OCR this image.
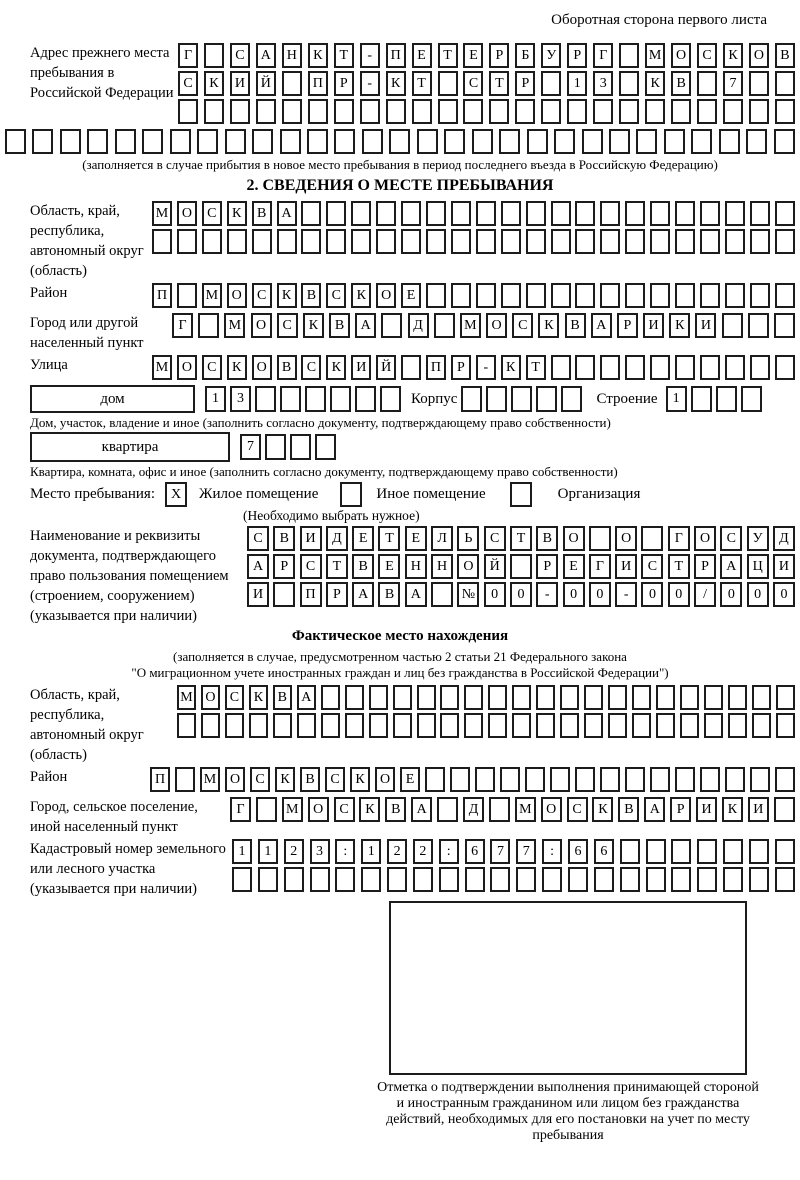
Оборотная сторона первого листа
Адрес прежнего места пребывания в Российской Федерации
Г	С	А	Н	К	Т	-	П	Е	Т	Е	Р	Б	У	Р	Г	М	О	С	К	О	В
С	К	И	Й	П	Р	-	К	Т	С	Т	Р	1	3	К	В	7
(заполняется в случае прибытия в новое место пребывания в период последнего въезда в Российскую Федерацию)
2. СВЕДЕНИЯ О МЕСТЕ ПРЕБЫВАНИЯ
Область, край, республика, автономный округ (область)
М О	С	К	В	А
Район	П	М О	С	К	В	С	К	О	Е
Город или другой населенный пункт
Г	М	О	С	К	В	А	Д	М	О	С	К	В	А	Р	И	К	И
Улица	М О	С	К	О	В	С	К	И	Й	П	Р	-	К	Т
дом	1	3	Корпус	Строение	1
Дом, участок, владение и иное (заполнить согласно документу, подтверждающему право собственности)
квартира	7
Квартира, комната, офис и иное (заполнить согласно документу, подтверждающему право собственности)
Место пребывания:	X	Жилое помещение	Иное помещение	Организация
(Необходимо выбрать нужное)
Наименование и реквизиты документа, подтверждающего право пользования помещением (строением, сооружением) (указывается при наличии)
С	В	И	Д	Е	Т	Е	Л	Ь	С	Т	В	О	О	Г	О	С	У	Д
А	Р	С	Т	В	Е	Н	Н	О	Й	Р	Е	Г	И	С	Т	Р	А	Ц	И
И	П	Р	А	В	А	№	0	0	-	0	0	-	0	0	/	0	0	0
Фактическое место нахождения
(заполняется в случае, предусмотренном частью 2 статьи 21 Федерального закона
"О миграционном учете иностранных граждан и лиц без гражданства в Российской Федерации")
Область, край, республика, автономный округ (область)
М О	С	К	В	А
Район	П	М О	С	К	В	С	К	О	Е
Город, сельское поселение, иной населенный пункт
Г	М	О	С	К	В	А	Д	М	О	С	К	В	А	Р	И	К	И
Кадастровый номер земельного или лесного участка (указывается при наличии)
1	1	2	3	:	1	2	2	:	6	7	7	:	6	6
Отметка о подтверждении выполнения принимающей стороной и иностранным гражданином или лицом без гражданства действий, необходимых для его постановки на учет по месту пребывания
